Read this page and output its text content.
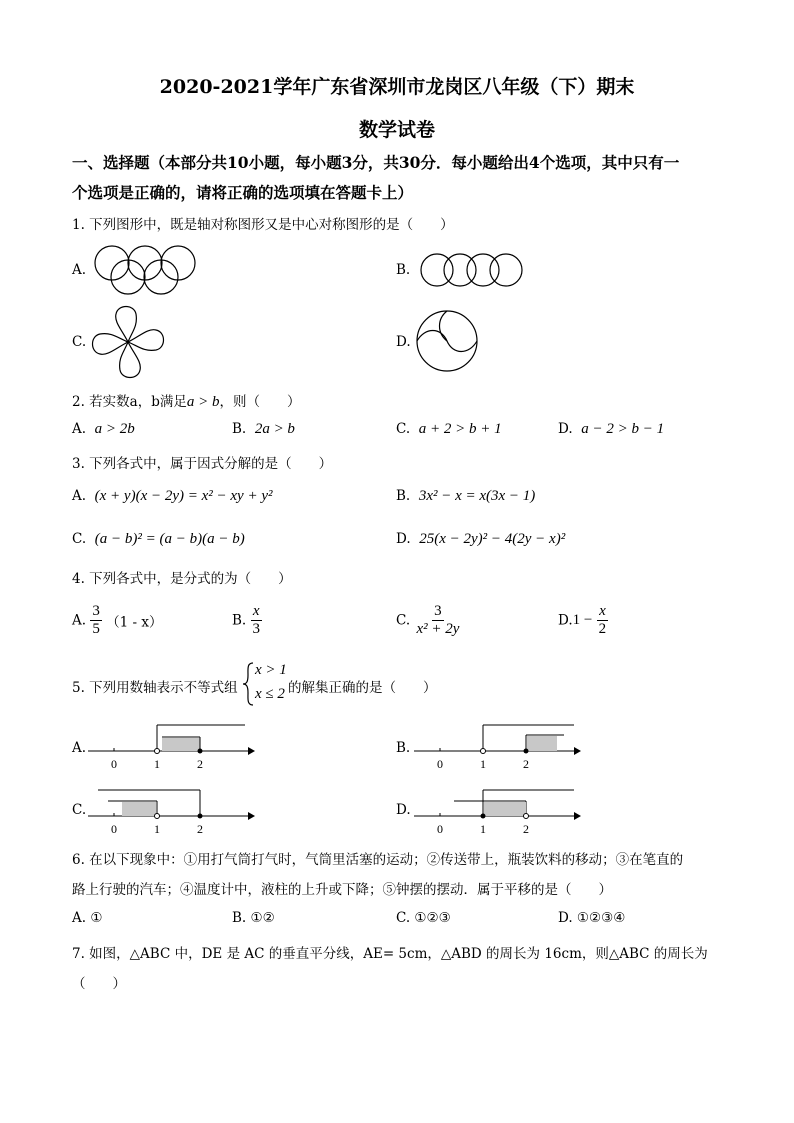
2020-2021学年广东省深圳市龙岗区八年级（下）期末
数学试卷
一、选择题（本部分共10小题，每小题3分，共30分．每小题给出4个选项，其中只有一
个选项是正确的，请将正确的选项填在答题卡上）
1. 下列图形中，既是轴对称图形又是中心对称图形的是（　　）
A.	B.
C.	D.
2. 若实数a，b满足a > b，则（　　）
A. a > 2b	B. 2a > b	C. a + 2 > b + 1	D. a − 2 > b − 1
3. 下列各式中，属于因式分解的是（　　）
A. (x + y)(x − 2y) = x² − xy + y²	B. 3x² − x = x(3x − 1)
C. (a − b)² = (a − b)(a − b)	D. 25(x − 2y)² − 4(2y − x)²
4. 下列各式中，是分式的为（　　）
A. $\frac{3}{5} (1 - x)$	B. $\frac{x}{3}$	C. $\frac{3}{\text{x² + 2y}}$	$D.1 - \frac{x}{2}$
5. 下列用数轴表示不等式组
x > 1
x ≤ 2 的解集正确的是（　　）
A.	B.
C.	D.
0	1	2	0	1	2
0	1	2	0	1	2
6. 在以下现象中：①用打气筒打气时，气筒里活塞的运动；②传送带上，瓶装饮料的移动；③在笔直的
路上行驶的汽车；④温度计中，液柱的上升或下降；⑤钟摆的摆动．属于平移的是（　　）
A. ①	B. ①②	C. ①②③	D. ①②③④
7. 如图，△ABC 中，DE 是 AC 的垂直平分线，AE= 5cm，△ABD 的周长为 16cm，则△ABC 的周长为
（　　）
